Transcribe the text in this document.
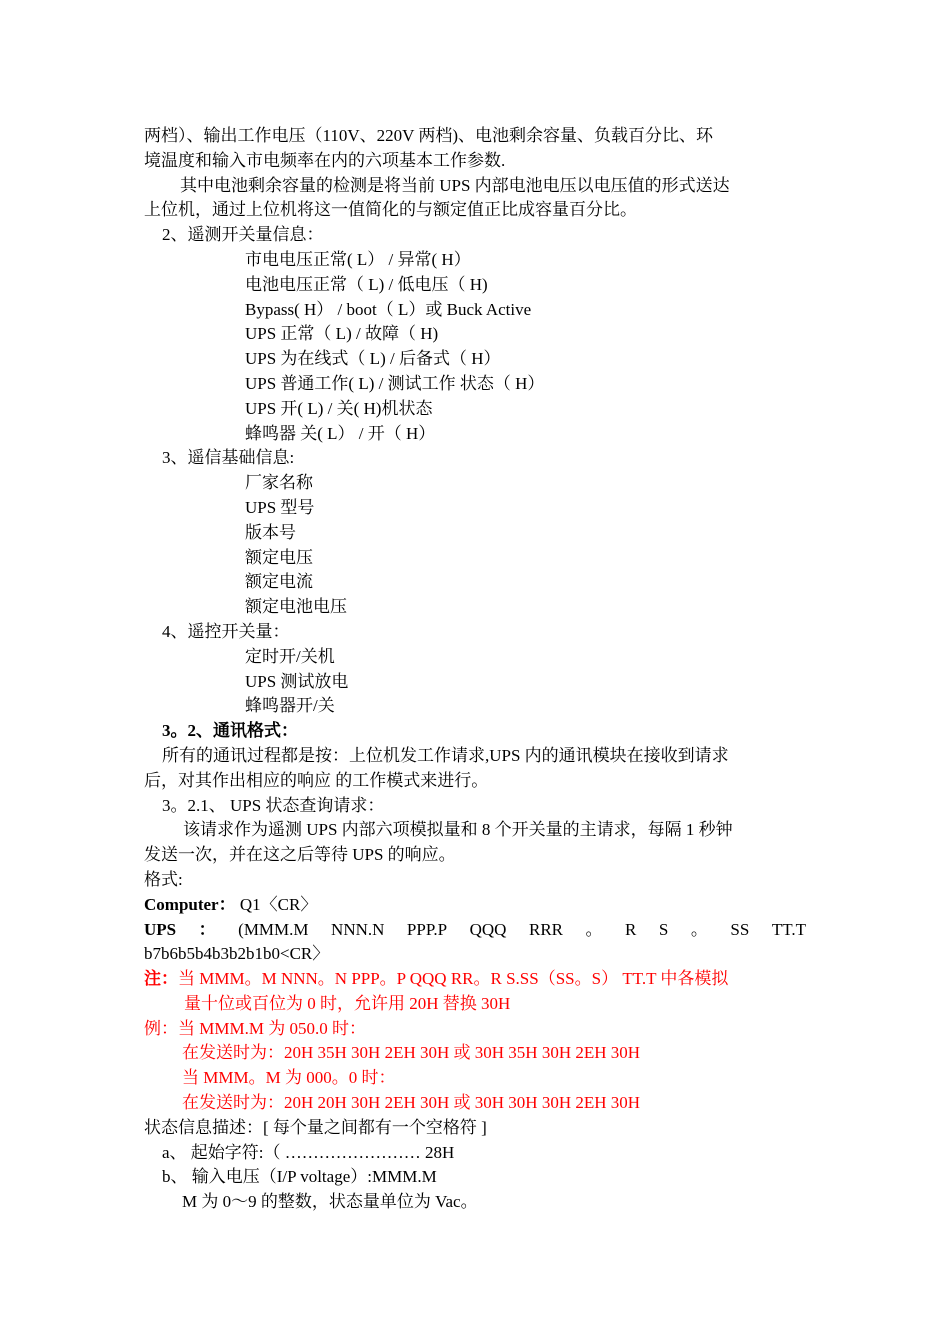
两档）、输出工作电压（110V、220V 两档)、电池剩余容量、负载百分比、环
境温度和输入市电频率在内的六项基本工作参数.
其中电池剩余容量的检测是将当前 UPS 内部电池电压以电压值的形式送达
上位机，通过上位机将这一值简化的与额定值正比成容量百分比。
2、遥测开关量信息：
市电电压正常( L） / 异常( H）
电池电压正常（ L) / 低电压（ H)
Bypass( H） / boot（ L）或 Buck Active
UPS 正常（ L) / 故障（ H)
UPS 为在线式（ L) / 后备式（ H）
UPS 普通工作( L) / 测试工作 状态（ H）
UPS 开( L) / 关( H)机状态
蜂鸣器 关( L） / 开（ H）
3、遥信基础信息:
厂家名称
UPS 型号
版本号
额定电压
额定电流
额定电池电压
4、遥控开关量：
定时开/关机
UPS 测试放电
蜂鸣器开/关
3。2、通讯格式：
所有的通讯过程都是按：上位机发工作请求,UPS 内的通讯模块在接收到请求
后，对其作出相应的响应 的工作模式来进行。
3。2.1、 UPS 状态查询请求：
该请求作为遥测 UPS 内部六项模拟量和 8 个开关量的主请求，每隔 1 秒钟
发送一次，并在这之后等待 UPS 的响应。
格式:
Computer： Q1〈CR〉
UPS ： (MMM.M NNN.N PPP.P QQQ RRR 。 R S 。 SS TT.T
b7b6b5b4b3b2b1b0<CR〉
注：当 MMM。M NNN。N PPP。P QQQ RR。R S.SS（SS。S） TT.T 中各模拟
量十位或百位为 0 时，允许用 20H 替换 30H
例：当 MMM.M 为 050.0 时：
在发送时为：20H 35H 30H 2EH 30H 或 30H 35H 30H 2EH 30H
当 MMM。M 为 000。0 时：
在发送时为：20H 20H 30H 2EH 30H 或 30H 30H 30H 2EH 30H
状态信息描述：[ 每个量之间都有一个空格符 ]
a、 起始字符:（ …………………… 28H
b、 输入电压（I/P voltage）:MMM.M
M 为 0～9 的整数，状态量单位为 Vac。
